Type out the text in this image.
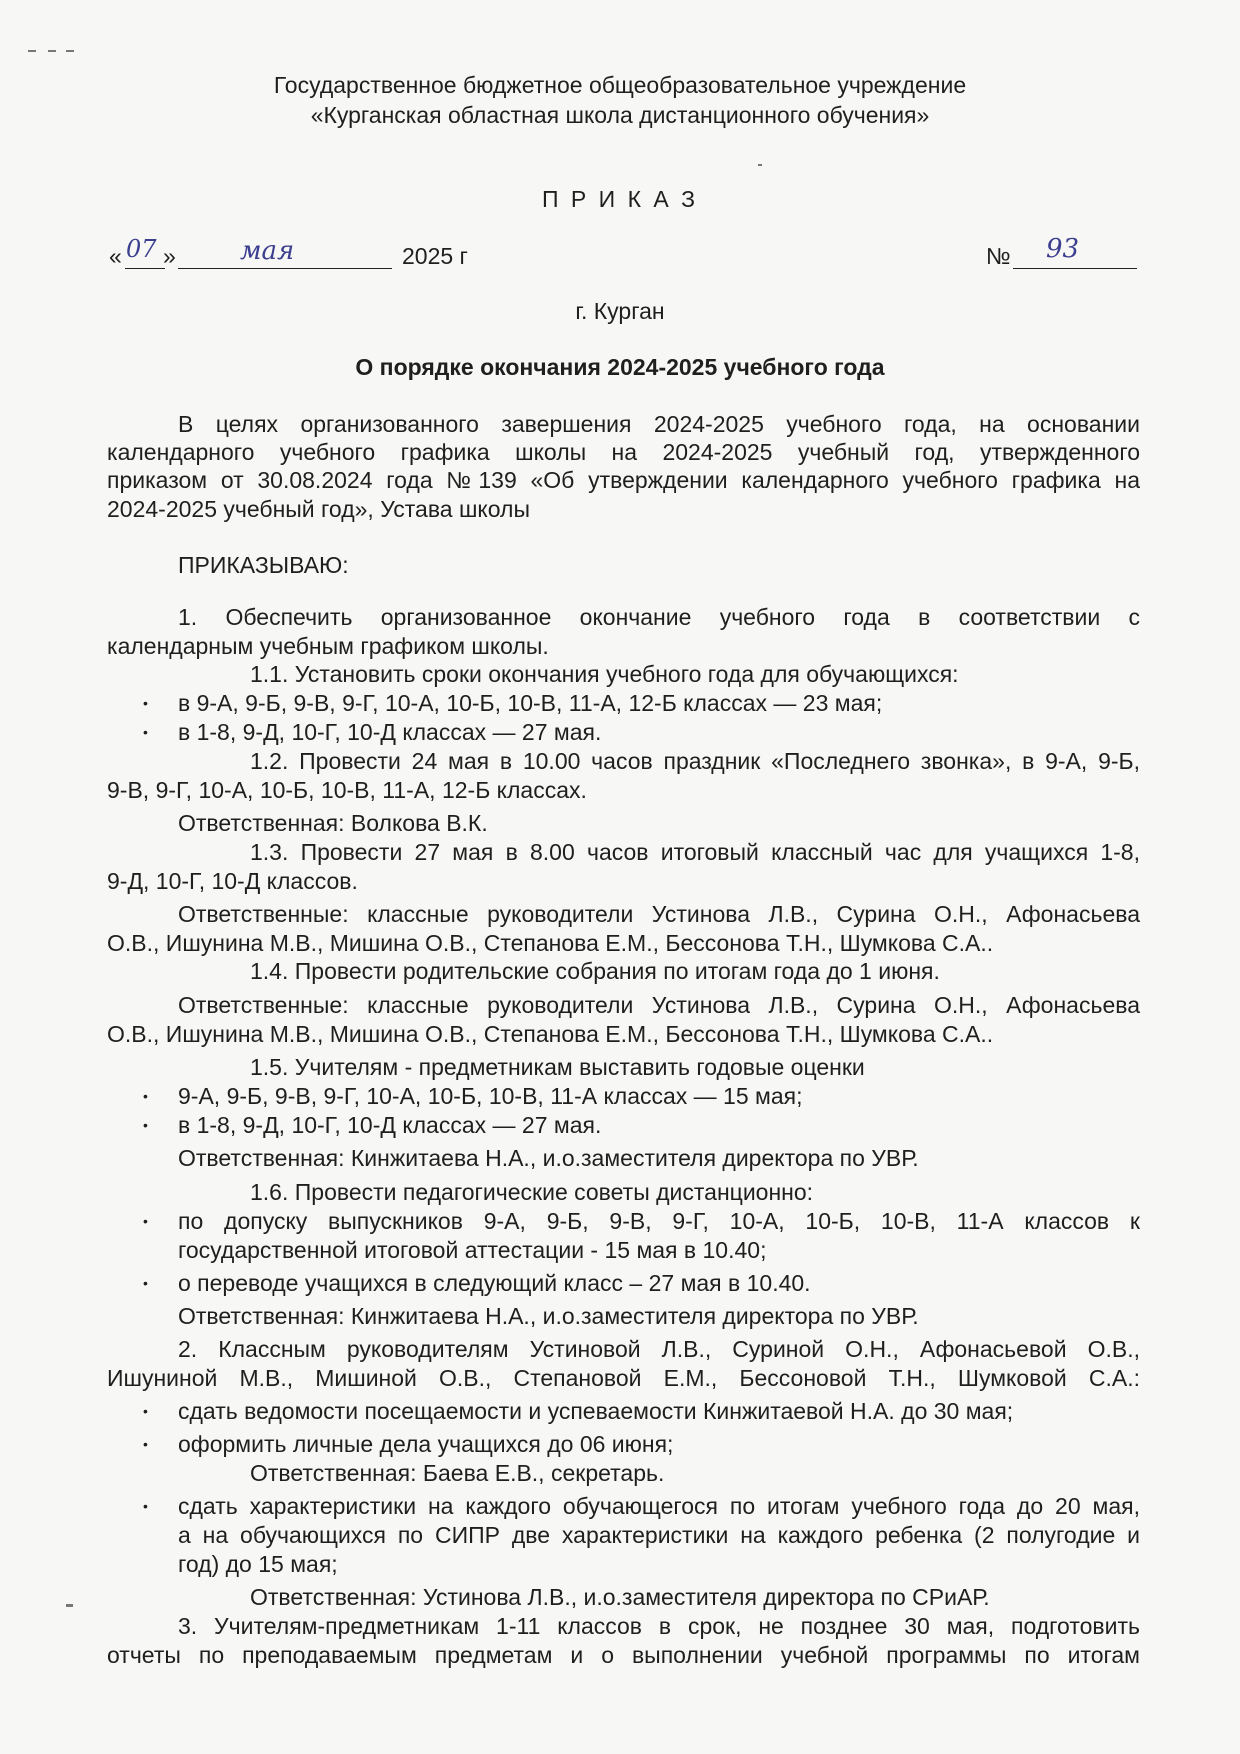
Государственное бюджетное общеобразовательное учреждение
«Курганская областная школа дистанционного обучения»
П Р И К А З
« 07 » мая	2025 г	№ 93
г. Курган
О порядке окончания 2024-2025 учебного года
В целях организованного завершения 2024-2025 учебного года, на основании
календарного учебного графика школы на 2024-2025 учебный год, утвержденного
приказом от 30.08.2024 года №139 «Об утверждении календарного учебного графика на
2024-2025 учебный год», Устава школы
ПРИКАЗЫВАЮ:
1. Обеспечить организованное окончание учебного года в соответствии с
календарным учебным графиком школы.
1.1. Установить сроки окончания учебного года для обучающихся:
• в 9-А, 9-Б, 9-В, 9-Г, 10-А, 10-Б, 10-В, 11-А, 12-Б классах — 23 мая;
• в 1-8, 9-Д, 10-Г, 10-Д классах — 27 мая.
1.2. Провести 24 мая в 10.00 часов праздник «Последнего звонка», в 9-А, 9-Б,
9-В, 9-Г, 10-А, 10-Б, 10-В, 11-А, 12-Б классах.
Ответственная: Волкова В.К.
1.3. Провести 27 мая в 8.00 часов итоговый классный час для учащихся 1-8,
9-Д, 10-Г, 10-Д классов.
Ответственные: классные руководители Устинова Л.В., Сурина О.Н., Афонасьева
О.В., Ишунина М.В., Мишина О.В., Степанова Е.М., Бессонова Т.Н., Шумкова С.А..
1.4. Провести родительские собрания по итогам года до 1 июня.
Ответственные: классные руководители Устинова Л.В., Сурина О.Н., Афонасьева
О.В., Ишунина М.В., Мишина О.В., Степанова Е.М., Бессонова Т.Н., Шумкова С.А..
1.5. Учителям - предметникам выставить годовые оценки
• 9-А, 9-Б, 9-В, 9-Г, 10-А, 10-Б, 10-В, 11-А классах — 15 мая;
• в 1-8, 9-Д, 10-Г, 10-Д классах — 27 мая.
Ответственная: Кинжитаева Н.А., и.о.заместителя директора по УВР.
1.6. Провести педагогические советы дистанционно:
• по допуску выпускников 9-А, 9-Б, 9-В, 9-Г, 10-А, 10-Б, 10-В, 11-А классов к
государственной итоговой аттестации - 15 мая в 10.40;
• о переводе учащихся в следующий класс – 27 мая в 10.40.
Ответственная: Кинжитаева Н.А., и.о.заместителя директора по УВР.
2. Классным руководителям Устиновой Л.В., Суриной О.Н., Афонасьевой О.В.,
Ишуниной М.В., Мишиной О.В., Степановой Е.М., Бессоновой Т.Н., Шумковой С.А.:
• сдать ведомости посещаемости и успеваемости Кинжитаевой Н.А. до 30 мая;
• оформить личные дела учащихся до 06 июня;
Ответственная: Баева Е.В., секретарь.
• сдать характеристики на каждого обучающегося по итогам учебного года до 20 мая,
а на обучающихся по СИПР две характеристики на каждого ребенка (2 полугодие и
год) до 15 мая;
Ответственная: Устинова Л.В., и.о.заместителя директора по СРиАР.
3. Учителям-предметникам 1-11 классов в срок, не позднее 30 мая, подготовить
отчеты по преподаваемым предметам и о выполнении учебной программы по итогам
